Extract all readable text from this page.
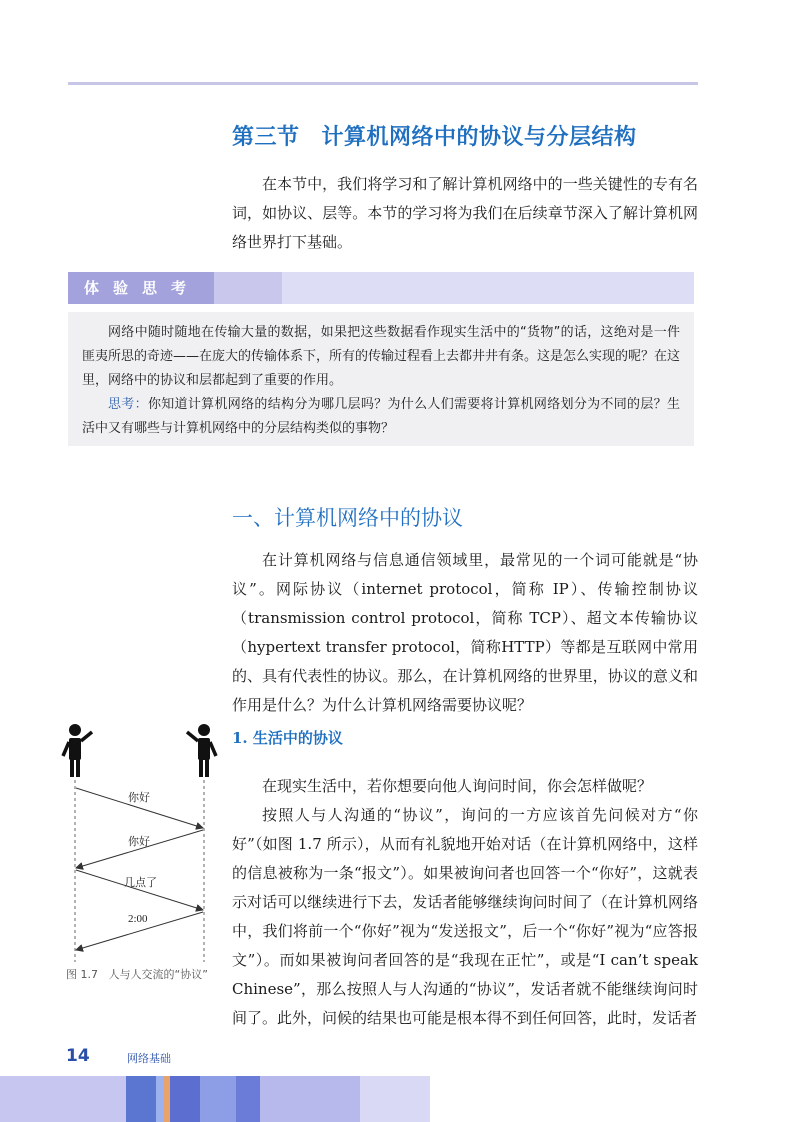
第三节 计算机网络中的协议与分层结构

在本节中，我们将学习和了解计算机网络中的一些关键性的专有名词，如协议、层等。本节的学习将为我们在后续章节深入了解计算机网络世界打下基础。

体验思考

网络中随时随地在传输大量的数据，如果把这些数据看作现实生活中的“货物”的话，这绝对是一件匪夷所思的奇迹——在庞大的传输体系下，所有的传输过程看上去都井井有条。这是怎么实现的呢？在这里，网络中的协议和层都起到了重要的作用。

思考：你知道计算机网络的结构分为哪几层吗？为什么人们需要将计算机网络划分为不同的层？生活中又有哪些与计算机网络中的分层结构类似的事物？

一、计算机网络中的协议

在计算机网络与信息通信领域里，最常见的一个词可能就是“协议”。网际协议（internet protocol，简称 IP）、传输控制协议（transmission control protocol，简称 TCP）、超文本传输协议（hypertext transfer protocol，简称HTTP）等都是互联网中常用的、具有代表性的协议。那么，在计算机网络的世界里，协议的意义和作用是什么？为什么计算机网络需要协议呢？

1. 生活中的协议

在现实生活中，若你想要向他人询问时间，你会怎样做呢？

按照人与人沟通的“协议”，询问的一方应该首先问候对方“你好”（如图 1.7 所示），从而有礼貌地开始对话（在计算机网络中，这样的信息被称为一条“报文”）。如果被询问者也回答一个“你好”，这就表示对话可以继续进行下去，发话者能够继续询问时间了（在计算机网络中，我们将前一个“你好”视为“发送报文”，后一个“你好”视为“应答报文”）。而如果被询问者回答的是“我现在正忙”，或是“I can’t speak Chinese”，那么按照人与人沟通的“协议”，发话者就不能继续询问时间了。此外，问候的结果也可能是根本得不到任何回答，此时，发话者

你好
你好
几点了
2:00

图 1.7 人与人交流的“协议”

14	网络基础
